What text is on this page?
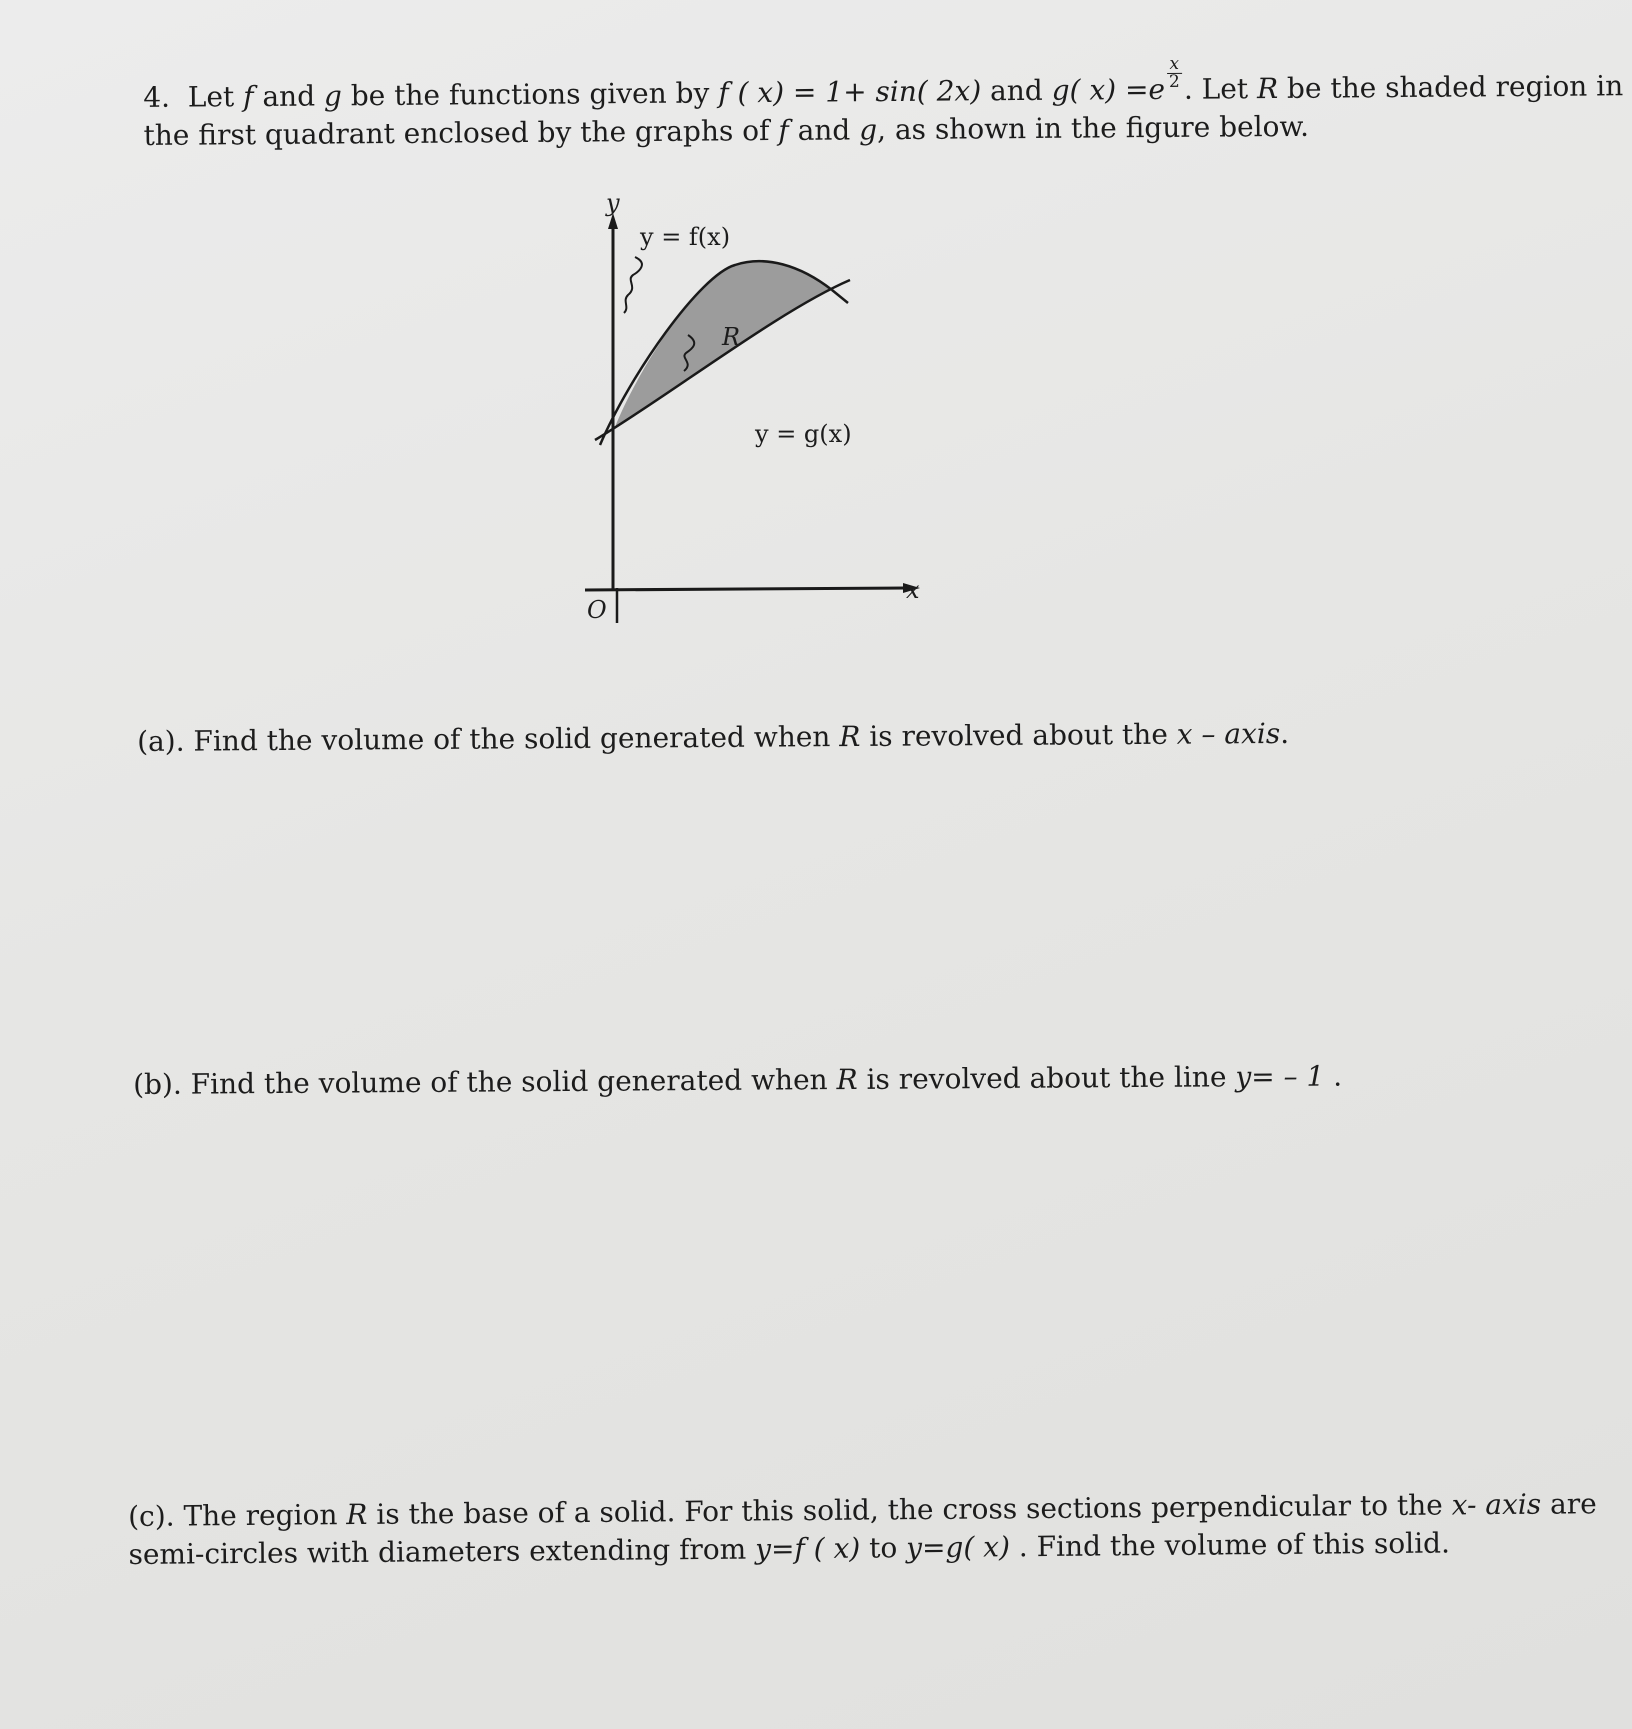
4. Let f and g be the functions given by f ( x) = 1+ sin( 2x) and g( $x) =e \frac{x}{2}$ . Let R be the shaded region in
the first quadrant enclosed by the graphs of f and g, as shown in the figure below.
y
x
O
y = f(x)
R
y = g(x)
(a). Find the volume of the solid generated when R is revolved about the x – axis.
(b). Find the volume of the solid generated when R is revolved about the line y= – 1 .
(c). The region R is the base of a solid. For this solid, the cross sections perpendicular to the x- axis are
semi-circles with diameters extending from y=f ( x) to y=g( x) . Find the volume of this solid.
